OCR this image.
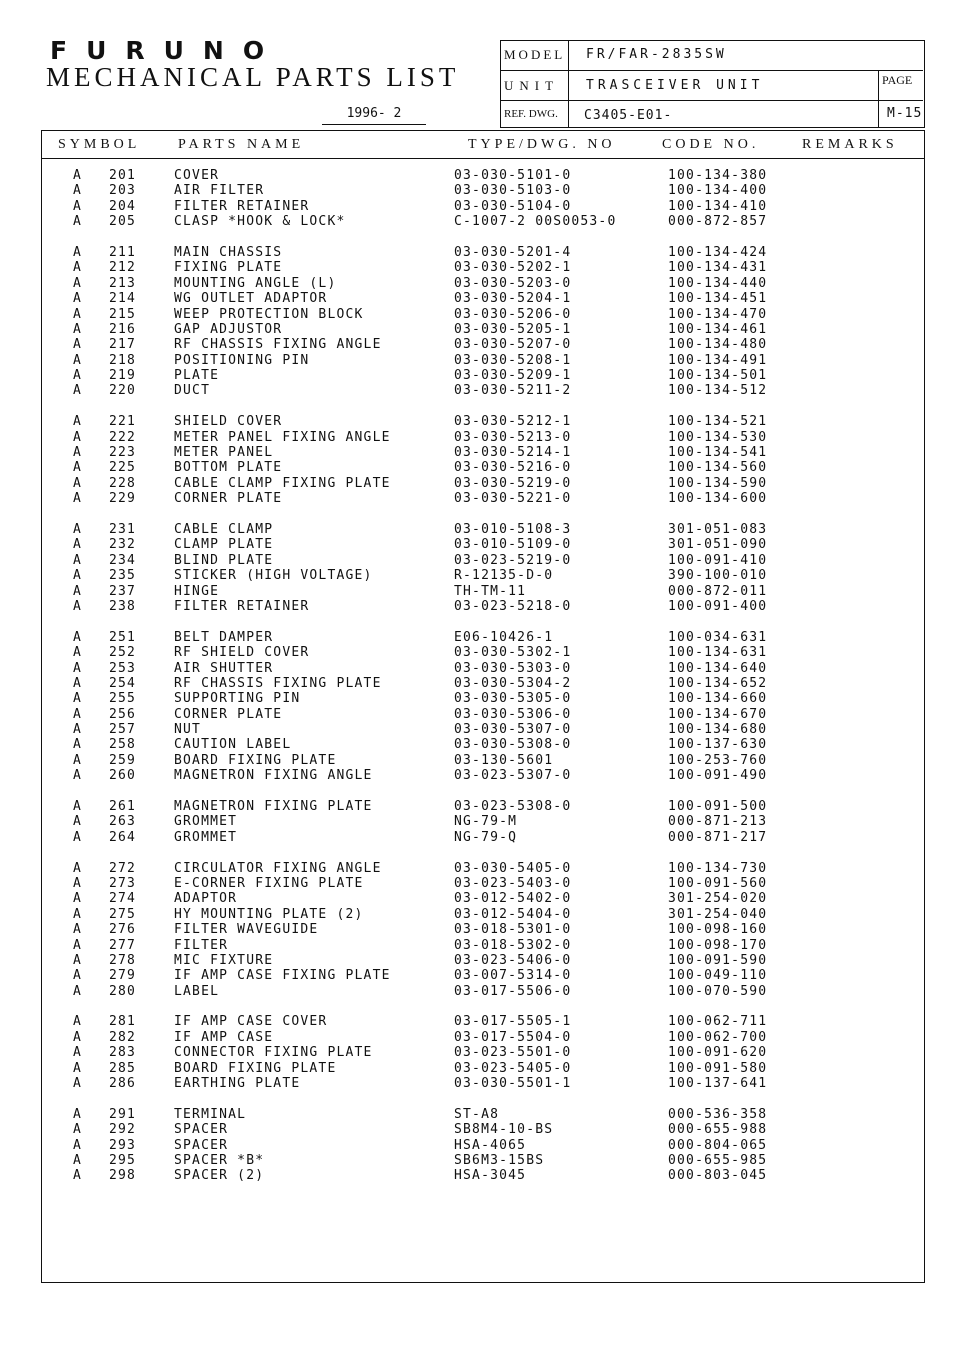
FURUNO
MECHANICAL PARTS LIST
1996- 2
MODEL FR/FAR-2835SW
UNIT TRASCEIVER UNIT
REF. DWG. C3405-E01-
PAGE
M-15
SYMBOL	PARTS NAME	TYPE/DWG. NO	CODE NO.	REMARKS
A 201	COVER	03-030-5101-0	100-134-380
A 203	AIR FILTER	03-030-5103-0	100-134-400
A 204	FILTER RETAINER	03-030-5104-0	100-134-410
A 205	CLASP *HOOK & LOCK*	C-1007-2 00S0053-0	000-872-857
A 211	MAIN CHASSIS	03-030-5201-4	100-134-424
A 212	FIXING PLATE	03-030-5202-1	100-134-431
A 213	MOUNTING ANGLE (L)	03-030-5203-0	100-134-440
A 214	WG OUTLET ADAPTOR	03-030-5204-1	100-134-451
A 215	WEEP PROTECTION BLOCK	03-030-5206-0	100-134-470
A 216	GAP ADJUSTOR	03-030-5205-1	100-134-461
A 217	RF CHASSIS FIXING ANGLE	03-030-5207-0	100-134-480
A 218	POSITIONING PIN	03-030-5208-1	100-134-491
A 219	PLATE	03-030-5209-1	100-134-501
A 220	DUCT	03-030-5211-2	100-134-512
A 221	SHIELD COVER	03-030-5212-1	100-134-521
A 222	METER PANEL FIXING ANGLE	03-030-5213-0	100-134-530
A 223	METER PANEL	03-030-5214-1	100-134-541
A 225	BOTTOM PLATE	03-030-5216-0	100-134-560
A 228	CABLE CLAMP FIXING PLATE	03-030-5219-0	100-134-590
A 229	CORNER PLATE	03-030-5221-0	100-134-600
A 231	CABLE CLAMP	03-010-5108-3	301-051-083
A 232	CLAMP PLATE	03-010-5109-0	301-051-090
A 234	BLIND PLATE	03-023-5219-0	100-091-410
A 235	STICKER (HIGH VOLTAGE)	R-12135-D-0	390-100-010
A 237	HINGE	TH-TM-11	000-872-011
A 238	FILTER RETAINER	03-023-5218-0	100-091-400
A 251	BELT DAMPER	E06-10426-1	100-034-631
A 252	RF SHIELD COVER	03-030-5302-1	100-134-631
A 253	AIR SHUTTER	03-030-5303-0	100-134-640
A 254	RF CHASSIS FIXING PLATE	03-030-5304-2	100-134-652
A 255	SUPPORTING PIN	03-030-5305-0	100-134-660
A 256	CORNER PLATE	03-030-5306-0	100-134-670
A 257	NUT	03-030-5307-0	100-134-680
A 258	CAUTION LABEL	03-030-5308-0	100-137-630
A 259	BOARD FIXING PLATE	03-130-5601	100-253-760
A 260	MAGNETRON FIXING ANGLE	03-023-5307-0	100-091-490
A 261	MAGNETRON FIXING PLATE	03-023-5308-0	100-091-500
A 263	GROMMET	NG-79-M	000-871-213
A 264	GROMMET	NG-79-Q	000-871-217
A 272	CIRCULATOR FIXING ANGLE	03-030-5405-0	100-134-730
A 273	E-CORNER FIXING PLATE	03-023-5403-0	100-091-560
A 274	ADAPTOR	03-012-5402-0	301-254-020
A 275	HY MOUNTING PLATE (2)	03-012-5404-0	301-254-040
A 276	FILTER WAVEGUIDE	03-018-5301-0	100-098-160
A 277	FILTER	03-018-5302-0	100-098-170
A 278	MIC FIXTURE	03-023-5406-0	100-091-590
A 279	IF AMP CASE FIXING PLATE	03-007-5314-0	100-049-110
A 280	LABEL	03-017-5506-0	100-070-590
A 281	IF AMP CASE COVER	03-017-5505-1	100-062-711
A 282	IF AMP CASE	03-017-5504-0	100-062-700
A 283	CONNECTOR FIXING PLATE	03-023-5501-0	100-091-620
A 285	BOARD FIXING PLATE	03-023-5405-0	100-091-580
A 286	EARTHING PLATE	03-030-5501-1	100-137-641
A 291	TERMINAL	ST-A8	000-536-358
A 292	SPACER	SB8M4-10-BS	000-655-988
A 293	SPACER	HSA-4065	000-804-065
A 295	SPACER *B*	SB6M3-15BS	000-655-985
A 298	SPACER (2)	HSA-3045	000-803-045
